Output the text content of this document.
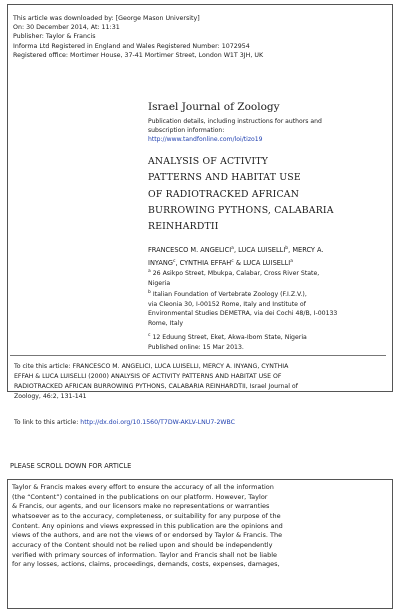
This article was downloaded by: [George Mason University]
On: 30 December 2014, At: 11:31
Publisher: Taylor & Francis
Informa Ltd Registered in England and Wales Registered Number: 1072954
Registered office: Mortimer House, 37-41 Mortimer Street, London W1T 3JH, UK
Israel Journal of Zoology
Publication details, including instructions for authors and
subscription information:
http://www.tandfonline.com/loi/tizo19
ANALYSIS OF ACTIVITY
PATTERNS AND HABITAT USE
OF RADIOTRACKED AFRICAN
BURROWING PYTHONS, CALABARIA
REINHARDTII
FRANCESCO M. ANGELICI$^a$, LUCA LUISELLI$^b$, MERCY A.
INYANG$^c$, CYNTHIA EFFAH$^c$ & LUCA LUISELLI$^a$
$^a$ 26 Asikpo Street, Mbukpa, Calabar, Cross River State,
Nigeria
$^b$ Italian Foundation of Vertebrate Zoology (F.I.Z.V.),
via Cleonia 30, I-00152 Rome, Italy and Institute of
Environmental Studies DEMETRA, via dei Cochi 48/B, I-00133
Rome, Italy
$^c$ 12 Eduung Street, Eket, Akwa-Ibom State, Nigeria
Published online: 15 Mar 2013.
To cite this article: FRANCESCO M. ANGELICI, LUCA LUISELLI, MERCY A. INYANG, CYNTHIA
EFFAH & LUCA LUISELLI (2000) ANALYSIS OF ACTIVITY PATTERNS AND HABITAT USE OF
RADIOTRACKED AFRICAN BURROWING PYTHONS, CALABARIA REINHARDTII, Israel Journal of
Zoology, 46:2, 131-141
To link to this article: http://dx.doi.org/10.1560/T7DW-AKLV-LNU7-2WBC
PLEASE SCROLL DOWN FOR ARTICLE
Taylor & Francis makes every effort to ensure the accuracy of all the information
(the “Content”) contained in the publications on our platform. However, Taylor
& Francis, our agents, and our licensors make no representations or warranties
whatsoever as to the accuracy, completeness, or suitability for any purpose of the
Content. Any opinions and views expressed in this publication are the opinions and
views of the authors, and are not the views of or endorsed by Taylor & Francis. The
accuracy of the Content should not be relied upon and should be independently
verified with primary sources of information. Taylor and Francis shall not be liable
for any losses, actions, claims, proceedings, demands, costs, expenses, damages,
